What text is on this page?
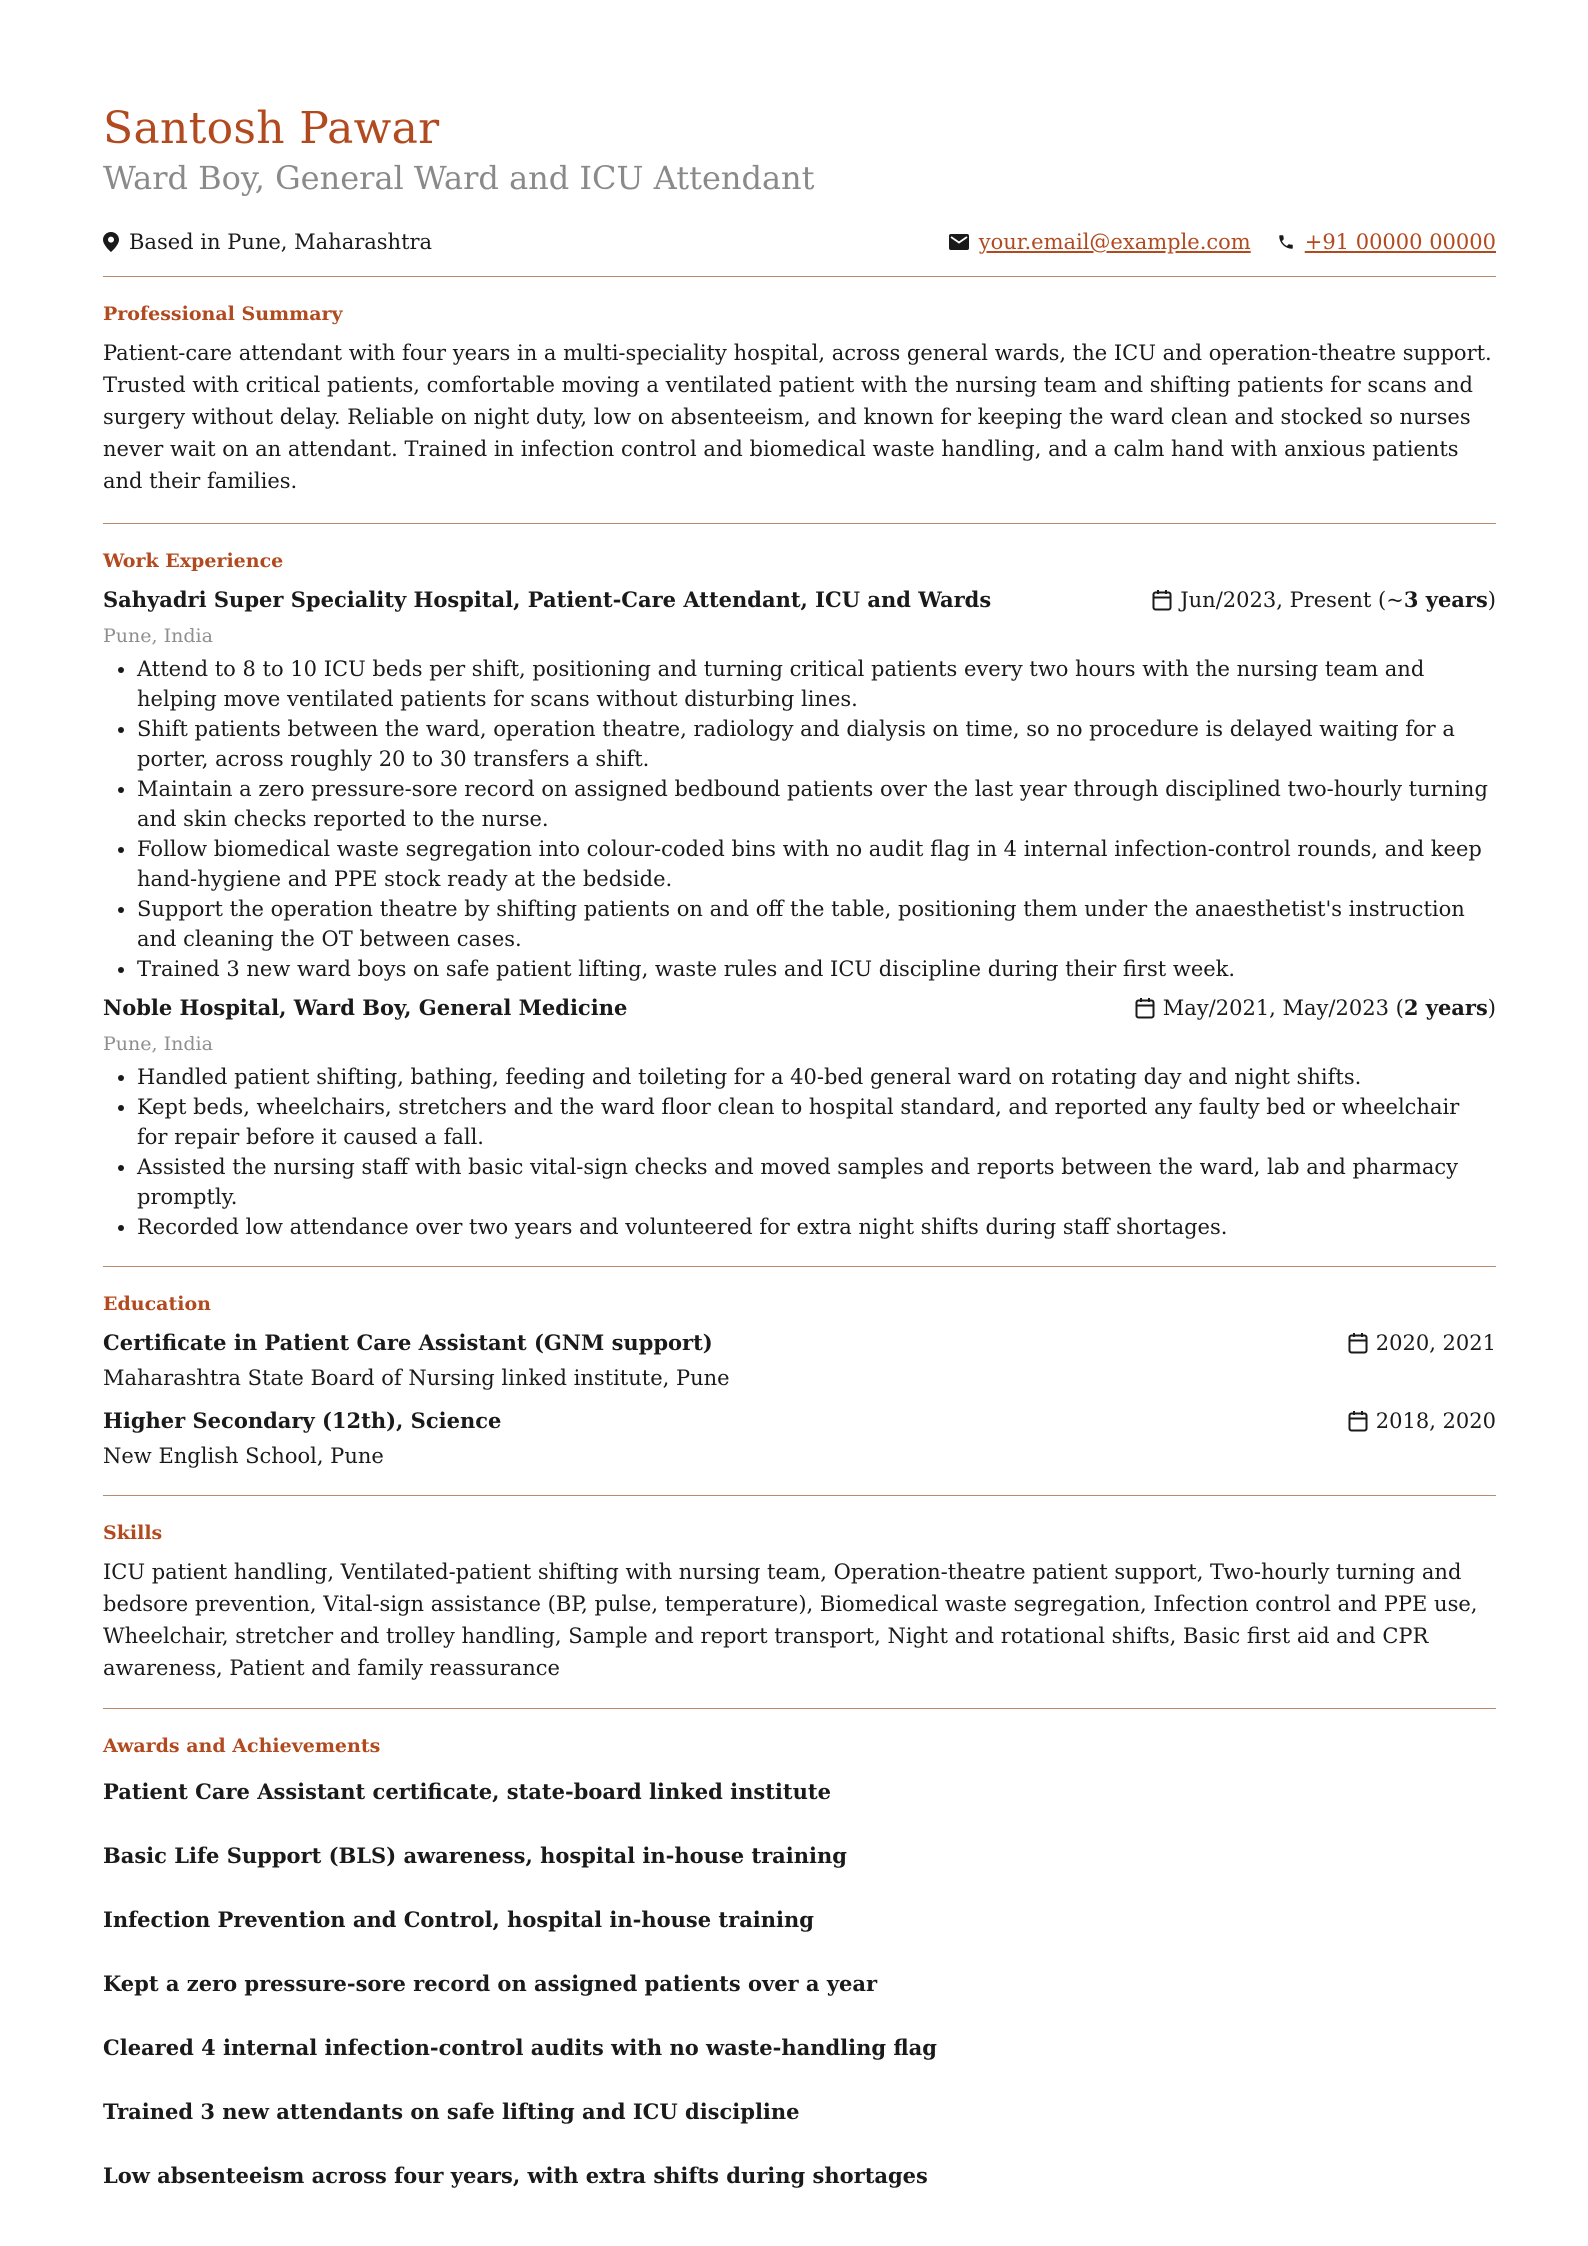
Santosh Pawar
Ward Boy, General Ward and ICU Attendant
Based in Pune, Maharashtra	your.email@example.com	+91 00000 00000
Professional Summary

Patient-care attendant with four years in a multi-speciality hospital, across general wards, the ICU and operation-theatre support. Trusted with critical patients, comfortable moving a ventilated patient with the nursing team and shifting patients for scans and surgery without delay. Reliable on night duty, low on absenteeism, and known for keeping the ward clean and stocked so nurses never wait on an attendant. Trained in infection control and biomedical waste handling, and a calm hand with anxious patients and their families.

Work Experience
Sahyadri Super Speciality Hospital, Patient-Care Attendant, ICU and Wards	Jun/2023, Present (~ 3 years )
Pune, India
• Attend to 8 to 10 ICU beds per shift, positioning and turning critical patients every two hours with the nursing team and helping move ventilated patients for scans without disturbing lines.
• Shift patients between the ward, operation theatre, radiology and dialysis on time, so no procedure is delayed waiting for a porter, across roughly 20 to 30 transfers a shift.
• Maintain a zero pressure-sore record on assigned bedbound patients over the last year through disciplined two-hourly turning and skin checks reported to the nurse.
• Follow biomedical waste segregation into colour-coded bins with no audit flag in 4 internal infection-control rounds, and keep hand-hygiene and PPE stock ready at the bedside.
• Support the operation theatre by shifting patients on and off the table, positioning them under the anaesthetist's instruction and cleaning the OT between cases.
• Trained 3 new ward boys on safe patient lifting, waste rules and ICU discipline during their first week.
Noble Hospital, Ward Boy, General Medicine	May/2021, May/2023 ( 2 years )
Pune, India
• Handled patient shifting, bathing, feeding and toileting for a 40-bed general ward on rotating day and night shifts.
• Kept beds, wheelchairs, stretchers and the ward floor clean to hospital standard, and reported any faulty bed or wheelchair for repair before it caused a fall.
• Assisted the nursing staff with basic vital-sign checks and moved samples and reports between the ward, lab and pharmacy promptly.
• Recorded low attendance over two years and volunteered for extra night shifts during staff shortages.
Education
Certificate in Patient Care Assistant (GNM support)	2020, 2021
Maharashtra State Board of Nursing linked institute, Pune
Higher Secondary (12th), Science	2018, 2020
New English School, Pune
Skills

ICU patient handling, Ventilated-patient shifting with nursing team, Operation-theatre patient support, Two-hourly turning and bedsore prevention, Vital-sign assistance (BP, pulse, temperature), Biomedical waste segregation, Infection control and PPE use, Wheelchair, stretcher and trolley handling, Sample and report transport, Night and rotational shifts, Basic first aid and CPR awareness, Patient and family reassurance

Awards and Achievements

Patient Care Assistant certificate, state-board linked institute

Basic Life Support (BLS) awareness, hospital in-house training

Infection Prevention and Control, hospital in-house training

Kept a zero pressure-sore record on assigned patients over a year

Cleared 4 internal infection-control audits with no waste-handling flag

Trained 3 new attendants on safe lifting and ICU discipline

Low absenteeism across four years, with extra shifts during shortages
